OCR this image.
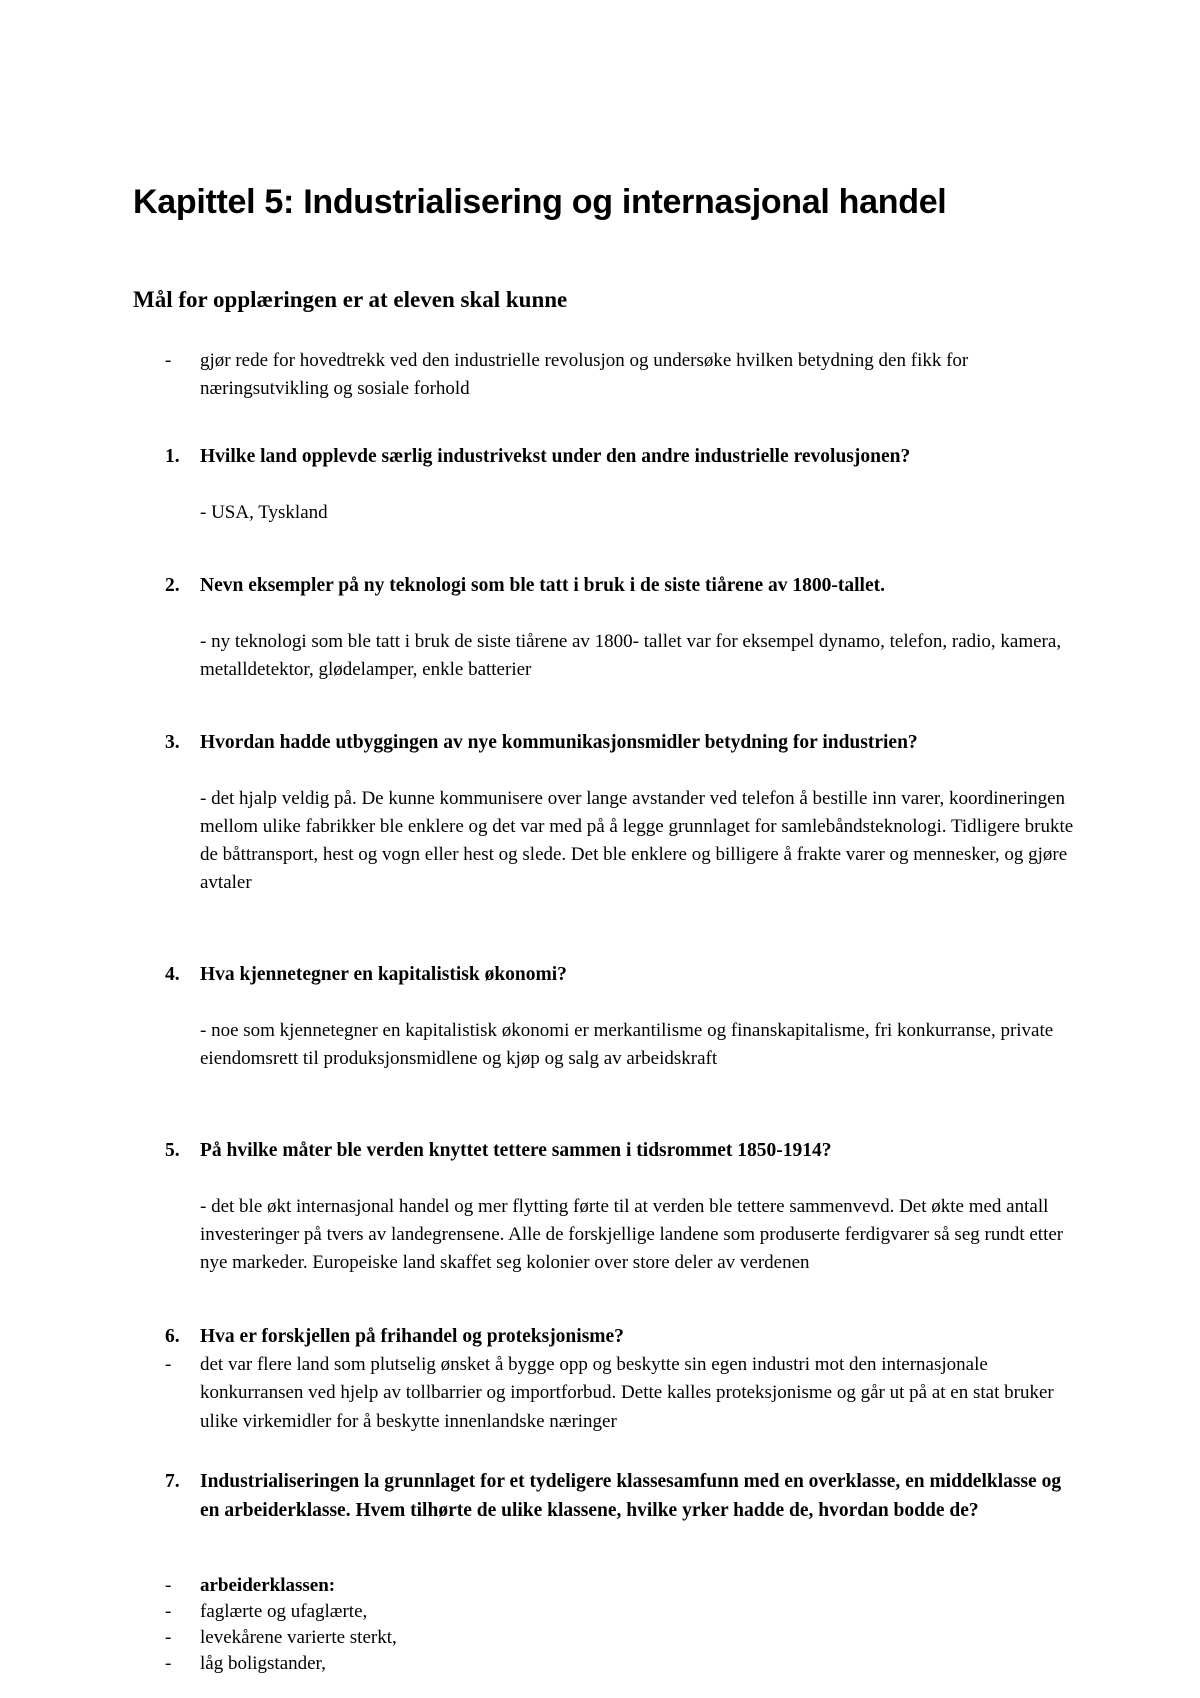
Kapittel 5: Industrialisering og internasjonal handel
Mål for opplæringen er at eleven skal kunne
-	gjør rede for hovedtrekk ved den industrielle revolusjon og undersøke hvilken betydning den fikk for næringsutvikling og sosiale forhold
1.	Hvilke land opplevde særlig industrivekst under den andre industrielle revolusjonen?

- USA, Tyskland

2.	Nevn eksempler på ny teknologi som ble tatt i bruk i de siste tiårene av 1800-tallet.

- ny teknologi som ble tatt i bruk de siste tiårene av 1800- tallet var for eksempel dynamo, telefon, radio, kamera, metalldetektor, glødelamper, enkle batterier

3.	Hvordan hadde utbyggingen av nye kommunikasjonsmidler betydning for industrien?

- det hjalp veldig på. De kunne kommunisere over lange avstander ved telefon å bestille inn varer, koordineringen mellom ulike fabrikker ble enklere og det var med på å legge grunnlaget for samlebåndsteknologi. Tidligere brukte de båttransport, hest og vogn eller hest og slede. Det ble enklere og billigere å frakte varer og mennesker, og gjøre avtaler

4.	Hva kjennetegner en kapitalistisk økonomi?

- noe som kjennetegner en kapitalistisk økonomi er merkantilisme og finanskapitalisme, fri konkurranse, private eiendomsrett til produksjonsmidlene og kjøp og salg av arbeidskraft

5.	På hvilke måter ble verden knyttet tettere sammen i tidsrommet 1850-1914?

- det ble økt internasjonal handel og mer flytting førte til at verden ble tettere sammenvevd. Det økte med antall investeringer på tvers av landegrensene. Alle de forskjellige landene som produserte ferdigvarer så seg rundt etter nye markeder. Europeiske land skaffet seg kolonier over store deler av verdenen

6.	Hva er forskjellen på frihandel og proteksjonisme?
-	det var flere land som plutselig ønsket å bygge opp og beskytte sin egen industri mot den internasjonale konkurransen ved hjelp av tollbarrier og importforbud. Dette kalles proteksjonisme og går ut på at en stat bruker ulike virkemidler for å beskytte innenlandske næringer
7.	Industrialiseringen la grunnlaget for et tydeligere klassesamfunn med en overklasse, en middelklasse og en arbeiderklasse. Hvem tilhørte de ulike klassene, hvilke yrker hadde de, hvordan bodde de?
-	arbeiderklassen:
-	faglærte og ufaglærte,
-	levekårene varierte sterkt,
-	låg boligstander,
